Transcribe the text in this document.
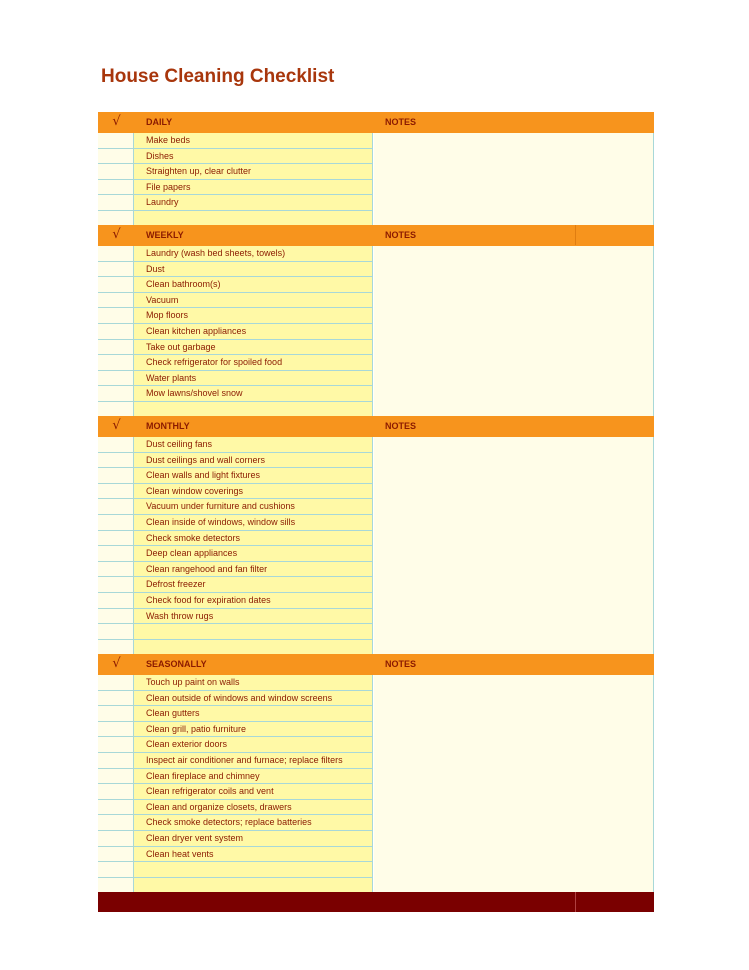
House Cleaning Checklist
√	DAILY	NOTES
Make beds
Dishes
Straighten up, clear clutter
File papers
Laundry
√	WEEKLY	NOTES
Laundry (wash bed sheets, towels)
Dust
Clean bathroom(s)
Vacuum
Mop floors
Clean kitchen appliances
Take out garbage
Check refrigerator for spoiled food
Water plants
Mow lawns/shovel snow
√	MONTHLY	NOTES
Dust ceiling fans
Dust ceilings and wall corners
Clean walls and light fixtures
Clean window coverings
Vacuum under furniture and cushions
Clean inside of windows, window sills
Check smoke detectors
Deep clean appliances
Clean rangehood and fan filter
Defrost freezer
Check food for expiration dates
Wash throw rugs
√	SEASONALLY	NOTES
Touch up paint on walls
Clean outside of windows and window screens
Clean gutters
Clean grill, patio furniture
Clean exterior doors
Inspect air conditioner and furnace; replace filters
Clean fireplace and chimney
Clean refrigerator coils and vent
Clean and organize closets, drawers
Check smoke detectors; replace batteries
Clean dryer vent system
Clean heat vents
